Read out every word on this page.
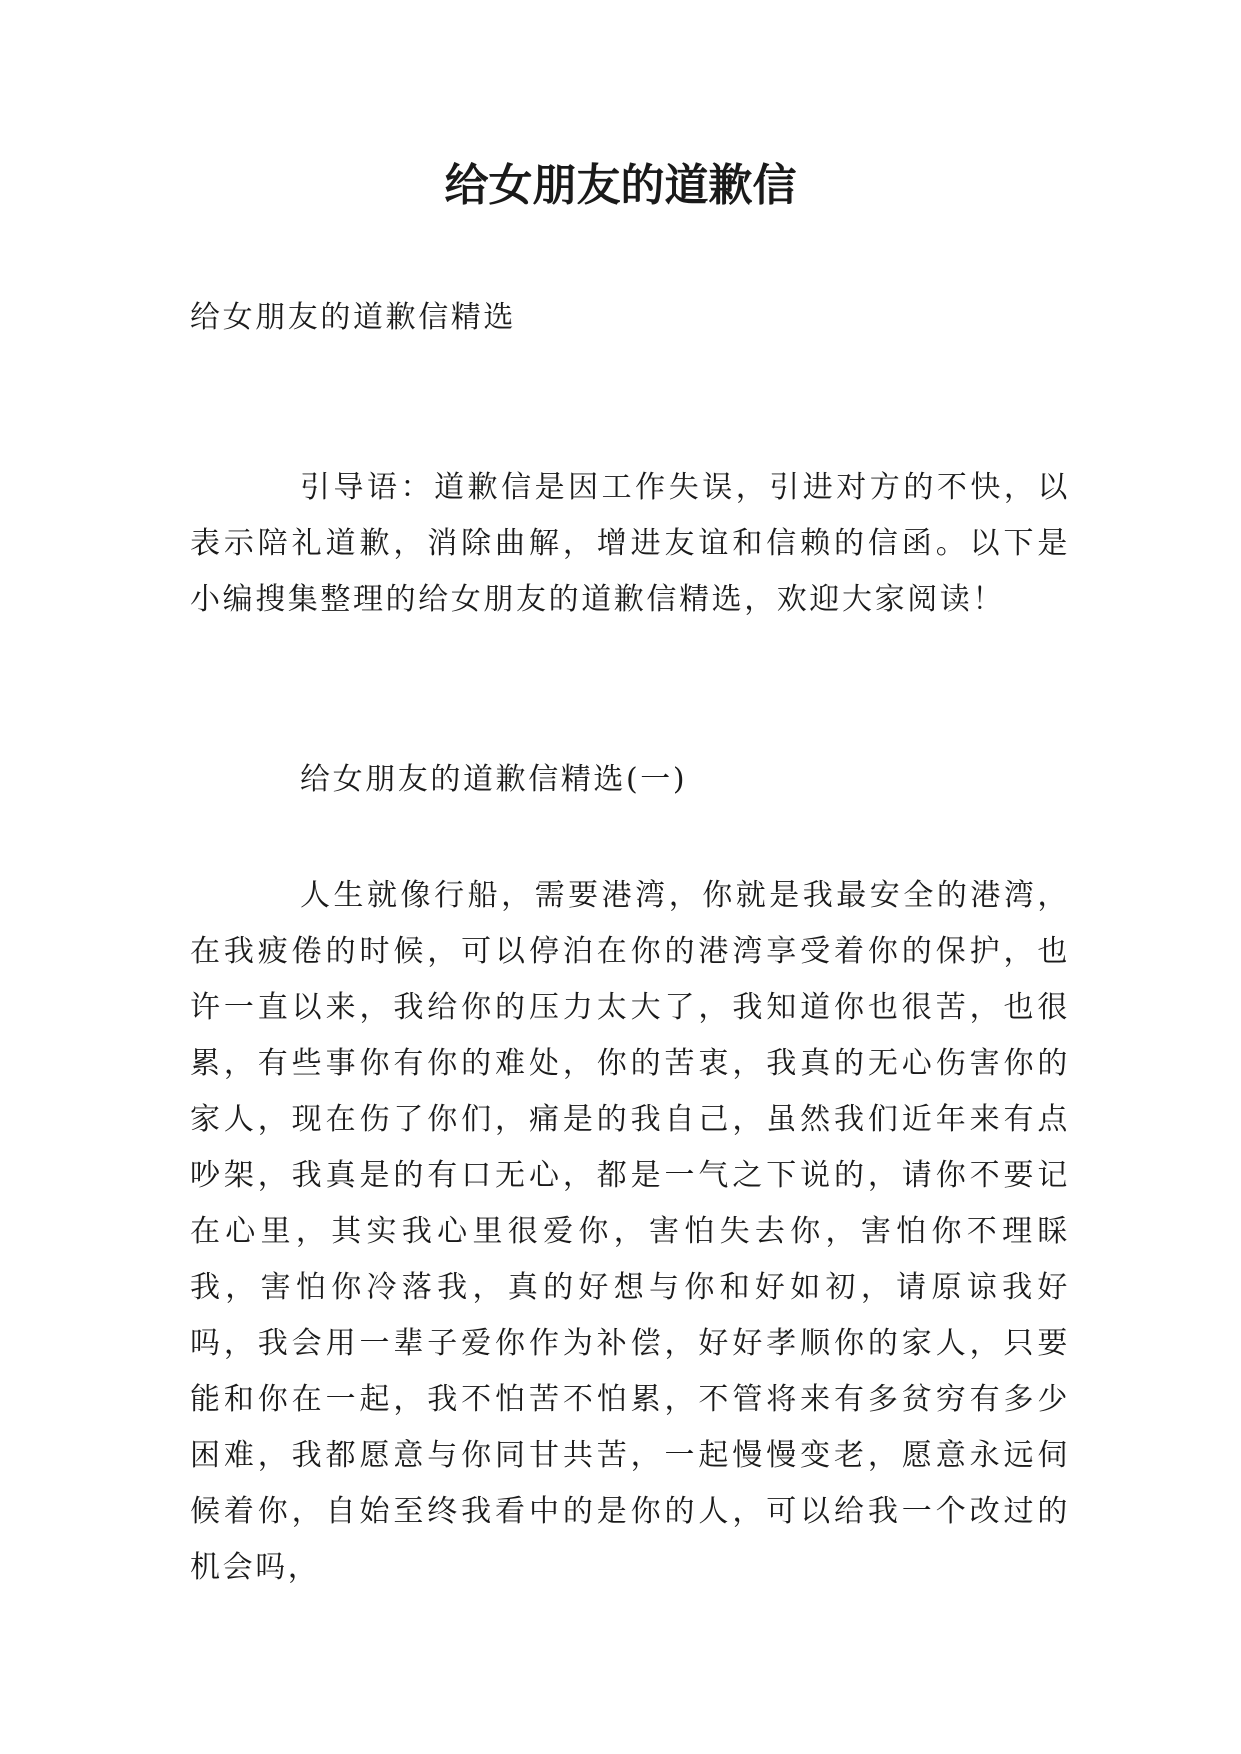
给女朋友的道歉信

给女朋友的道歉信精选

引导语：道歉信是因工作失误，引进对方的不快，以表示陪礼道歉，消除曲解，增进友谊和信赖的信函。以下是小编搜集整理的给女朋友的道歉信精选，欢迎大家阅读！

给女朋友的道歉信精选(一)

人生就像行船，需要港湾，你就是我最安全的港湾，在我疲倦的时候，可以停泊在你的港湾享受着你的保护，也许一直以来，我给你的压力太大了，我知道你也很苦，也很累，有些事你有你的难处，你的苦衷，我真的无心伤害你的家人，现在伤了你们，痛是的我自己，虽然我们近年来有点吵架，我真是的有口无心，都是一气之下说的，请你不要记在心里，其实我心里很爱你，害怕失去你，害怕你不理睬我，害怕你冷落我，真的好想与你和好如初，请原谅我好吗，我会用一辈子爱你作为补偿，好好孝顺你的家人，只要能和你在一起，我不怕苦不怕累，不管将来有多贫穷有多少困难，我都愿意与你同甘共苦，一起慢慢变老，愿意永远伺候着你，自始至终我看中的是你的人，可以给我一个改过的机会吗，
